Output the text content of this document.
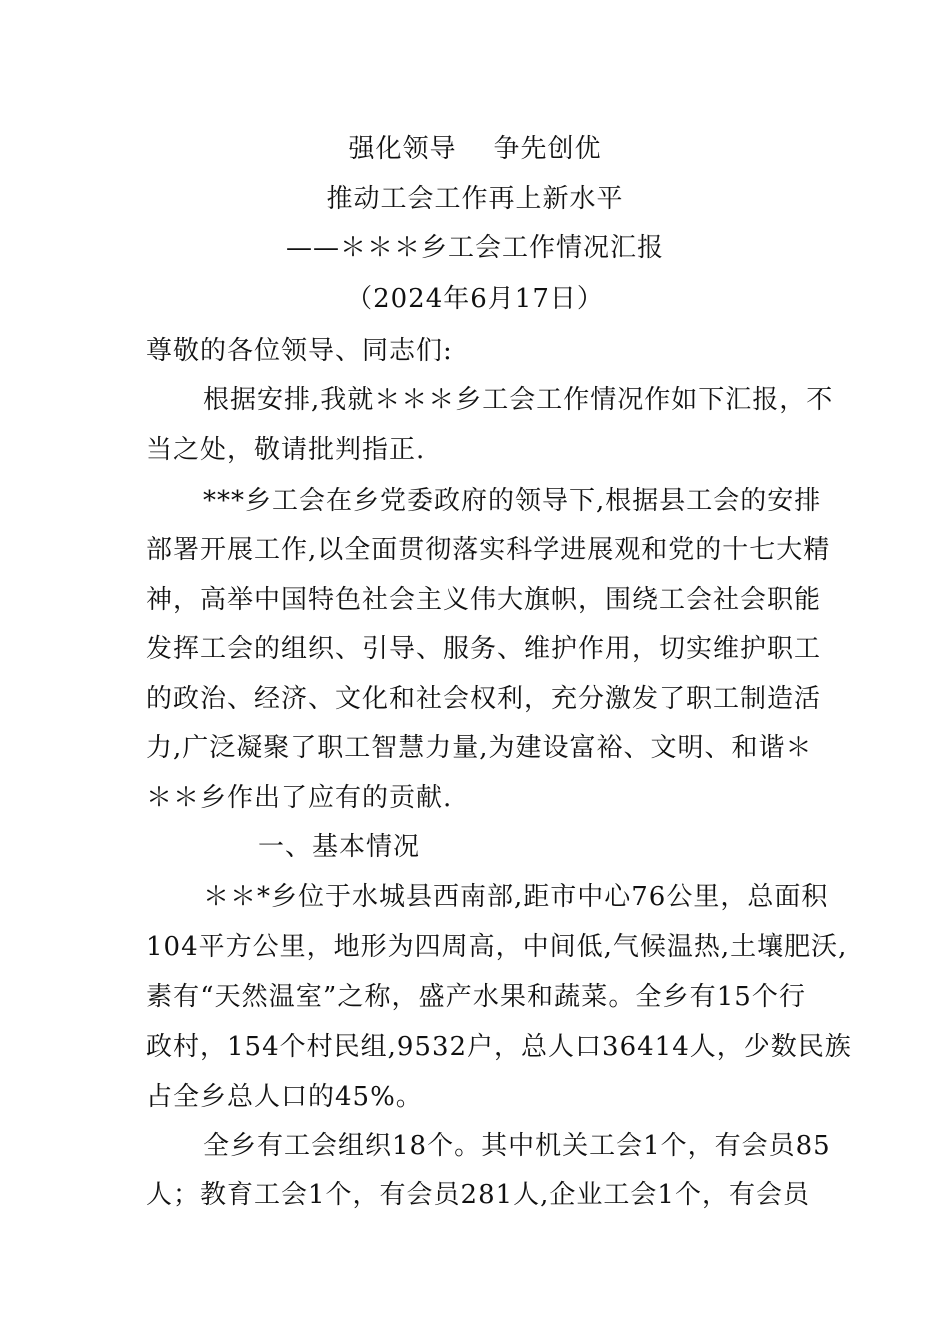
强化领导    争先创优
推动工会工作再上新水平
——＊＊＊乡工会工作情况汇报
（2024年6月17日）
尊敬的各位领导、同志们:
根据安排,我就＊＊＊乡工会工作情况作如下汇报，不
当之处，敬请批判指正.
***乡工会在乡党委政府的领导下,根据县工会的安排
部署开展工作,以全面贯彻落实科学进展观和党的十七大精
神，高举中国特色社会主义伟大旗帜，围绕工会社会职能
发挥工会的组织、引导、服务、维护作用，切实维护职工
的政治、经济、文化和社会权利，充分激发了职工制造活
力,广泛凝聚了职工智慧力量,为建设富裕、文明、和谐＊
＊＊乡作出了应有的贡献.
一、基本情况
＊＊*乡位于水城县西南部,距市中心76公里，总面积
104平方公里，地形为四周高，中间低,气候温热,土壤肥沃,
素有“天然温室”之称，盛产水果和蔬菜。全乡有15个行
政村，154个村民组,9532户，总人口36414人，少数民族
占全乡总人口的45%。
全乡有工会组织18个。其中机关工会1个，有会员85
人；教育工会1个，有会员281人,企业工会1个，有会员
